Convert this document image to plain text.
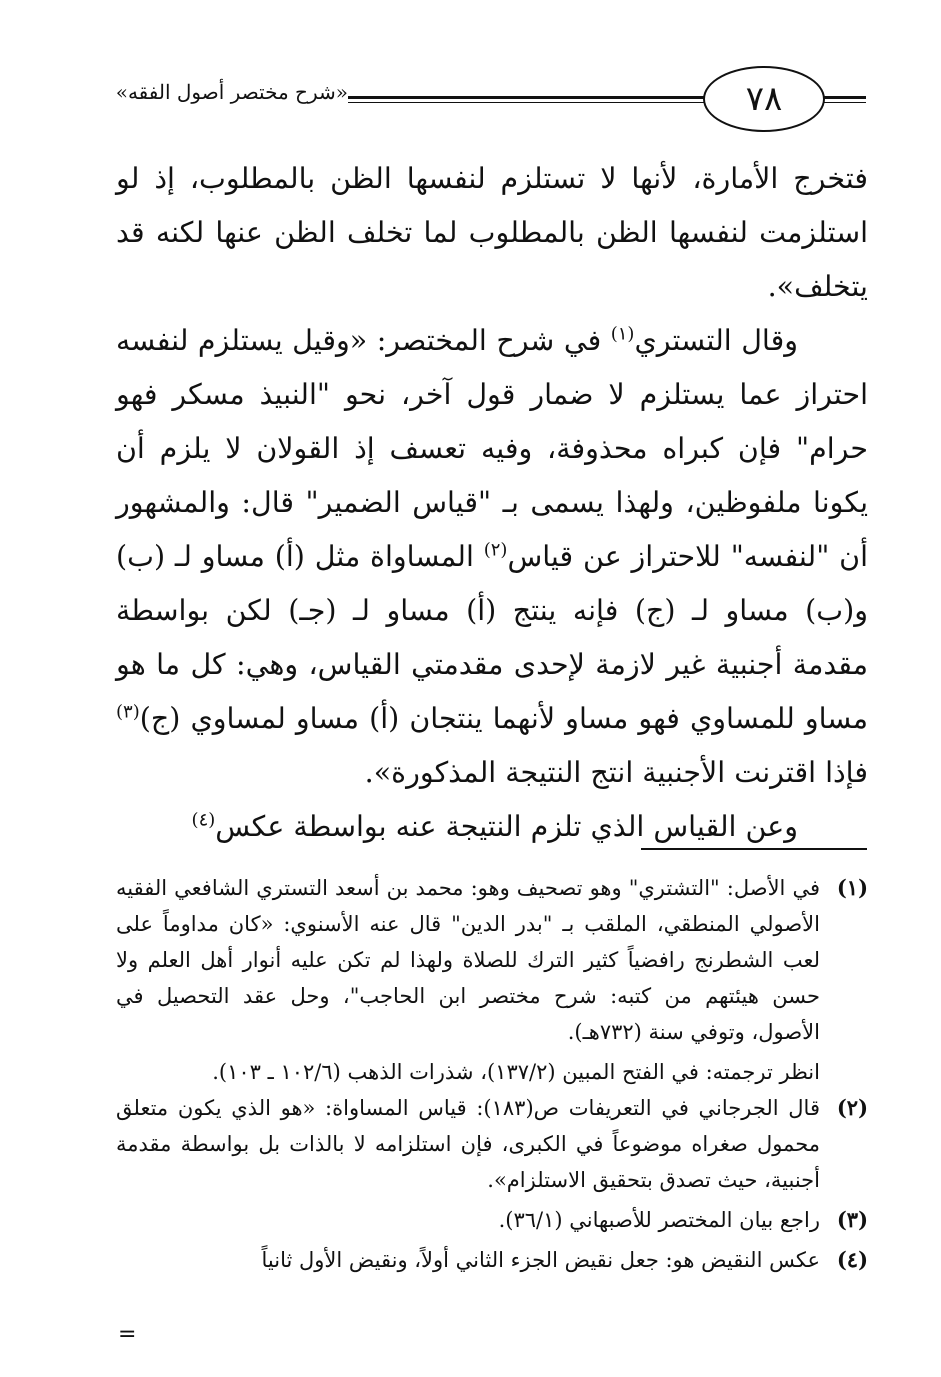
«شرح مختصر أصول الفقه»	٧٨

فتخرج الأمارة، لأنها لا تستلزم لنفسها الظن بالمطلوب، إذ لو استلزمت لنفسها الظن بالمطلوب لما تخلف الظن عنها لكنه قد يتخلف».

وقال التستري$^{(١)}$ في شرح المختصر: «وقيل يستلزم لنفسه احتراز عما يستلزم لا ضمار قول آخر، نحو "النبيذ مسكر فهو حرام" فإن كبراه محذوفة، وفيه تعسف إذ القولان لا يلزم أن يكونا ملفوظين، ولهذا يسمى بـ "قياس الضمير" قال: والمشهور أن "لنفسه" للاحتراز عن قياس$^{(٢)}$ المساواة مثل (أ) مساو لـ (ب) و(ب) مساو لـ (ج) فإنه ينتج (أ) مساو لـ (جـ) لكن بواسطة مقدمة أجنبية غير لازمة لإحدى مقدمتي القياس، وهي: كل ما هو مساو للمساوي فهو مساو لأنهما ينتجان (أ) مساو لمساوي (ج)$^{(٣)}$ فإذا اقترنت الأجنبية انتج النتيجة المذكورة».

وعن القياس الذي تلزم النتيجة عنه بواسطة عكس$^{(٤)}$

(١)
في الأصل: "التشتري" وهو تصحيف وهو: محمد بن أسعد التستري الشافعي الفقيه الأصولي المنطقي، الملقب بـ "بدر الدين" قال عنه الأسنوي: «كان مداوماً على لعب الشطرنج رافضياً كثير الترك للصلاة ولهذا لم تكن عليه أنوار أهل العلم ولا حسن هيئتهم من كتبه: شرح مختصر ابن الحاجب"، وحل عقد التحصيل في الأصول، وتوفي سنة (٧٣٢هـ).
انظر ترجمته: في الفتح المبين (١٣٧/٢)، شذرات الذهب (١٠٢/٦ ـ ١٠٣).
(٢)
قال الجرجاني في التعريفات ص(١٨٣): قياس المساواة: «هو الذي يكون متعلق محمول صغراه موضوعاً في الكبرى، فإن استلزامه لا بالذات بل بواسطة مقدمة أجنبية، حيث تصدق بتحقيق الاستلزام».
(٣)
راجع بيان المختصر للأصبهاني (٣٦/١).
(٤)
عكس النقيض هو: جعل نقيض الجزء الثاني أولاً، ونقيض الأول ثانياً
=
